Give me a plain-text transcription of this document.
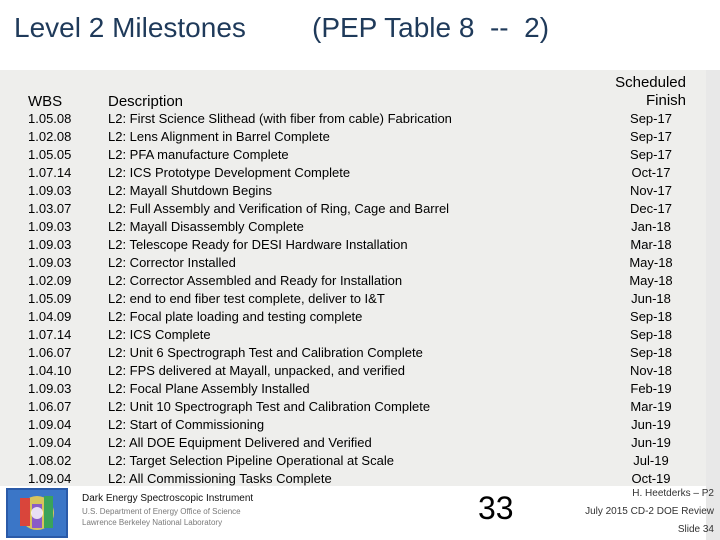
Level 2 Milestones (PEP Table 8  --  2)
WBS	Description	Scheduled
Finish
1.05.08	L2: First Science Slithead (with fiber from cable) Fabrication	Sep-17
1.02.08	L2: Lens Alignment in Barrel Complete	Sep-17
1.05.05	L2: PFA manufacture Complete	Sep-17
1.07.14	L2: ICS Prototype Development Complete	Oct-17
1.09.03	L2: Mayall Shutdown Begins	Nov-17
1.03.07	L2: Full Assembly and Verification of Ring, Cage and Barrel	Dec-17
1.09.03	L2: Mayall Disassembly Complete	Jan-18
1.09.03	L2: Telescope Ready for DESI Hardware Installation	Mar-18
1.09.03	L2: Corrector Installed	May-18
1.02.09	L2: Corrector Assembled and Ready for Installation	May-18
1.05.09	L2: end to end fiber test complete, deliver to I&T	Jun-18
1.04.09	L2: Focal plate loading and testing complete	Sep-18
1.07.14	L2: ICS Complete	Sep-18
1.06.07	L2: Unit 6 Spectrograph Test and Calibration Complete	Sep-18
1.04.10	L2: FPS delivered at Mayall, unpacked, and verified	Nov-18
1.09.03	L2: Focal Plane Assembly Installed	Feb-19
1.06.07	L2: Unit 10 Spectrograph Test and Calibration Complete	Mar-19
1.09.04	L2: Start of Commissioning	Jun-19
1.09.04	L2: All DOE Equipment Delivered and Verified	Jun-19
1.08.02	L2: Target Selection Pipeline Operational at Scale	Jul-19
1.09.04	L2: All Commissioning Tasks Complete	Oct-19
Dark Energy Spectroscopic Instrument
U.S. Department of Energy Office of Science
Lawrence Berkeley National Laboratory	33	H. Heetderks – P2
July 2015 CD-2 DOE Review
Slide 34
